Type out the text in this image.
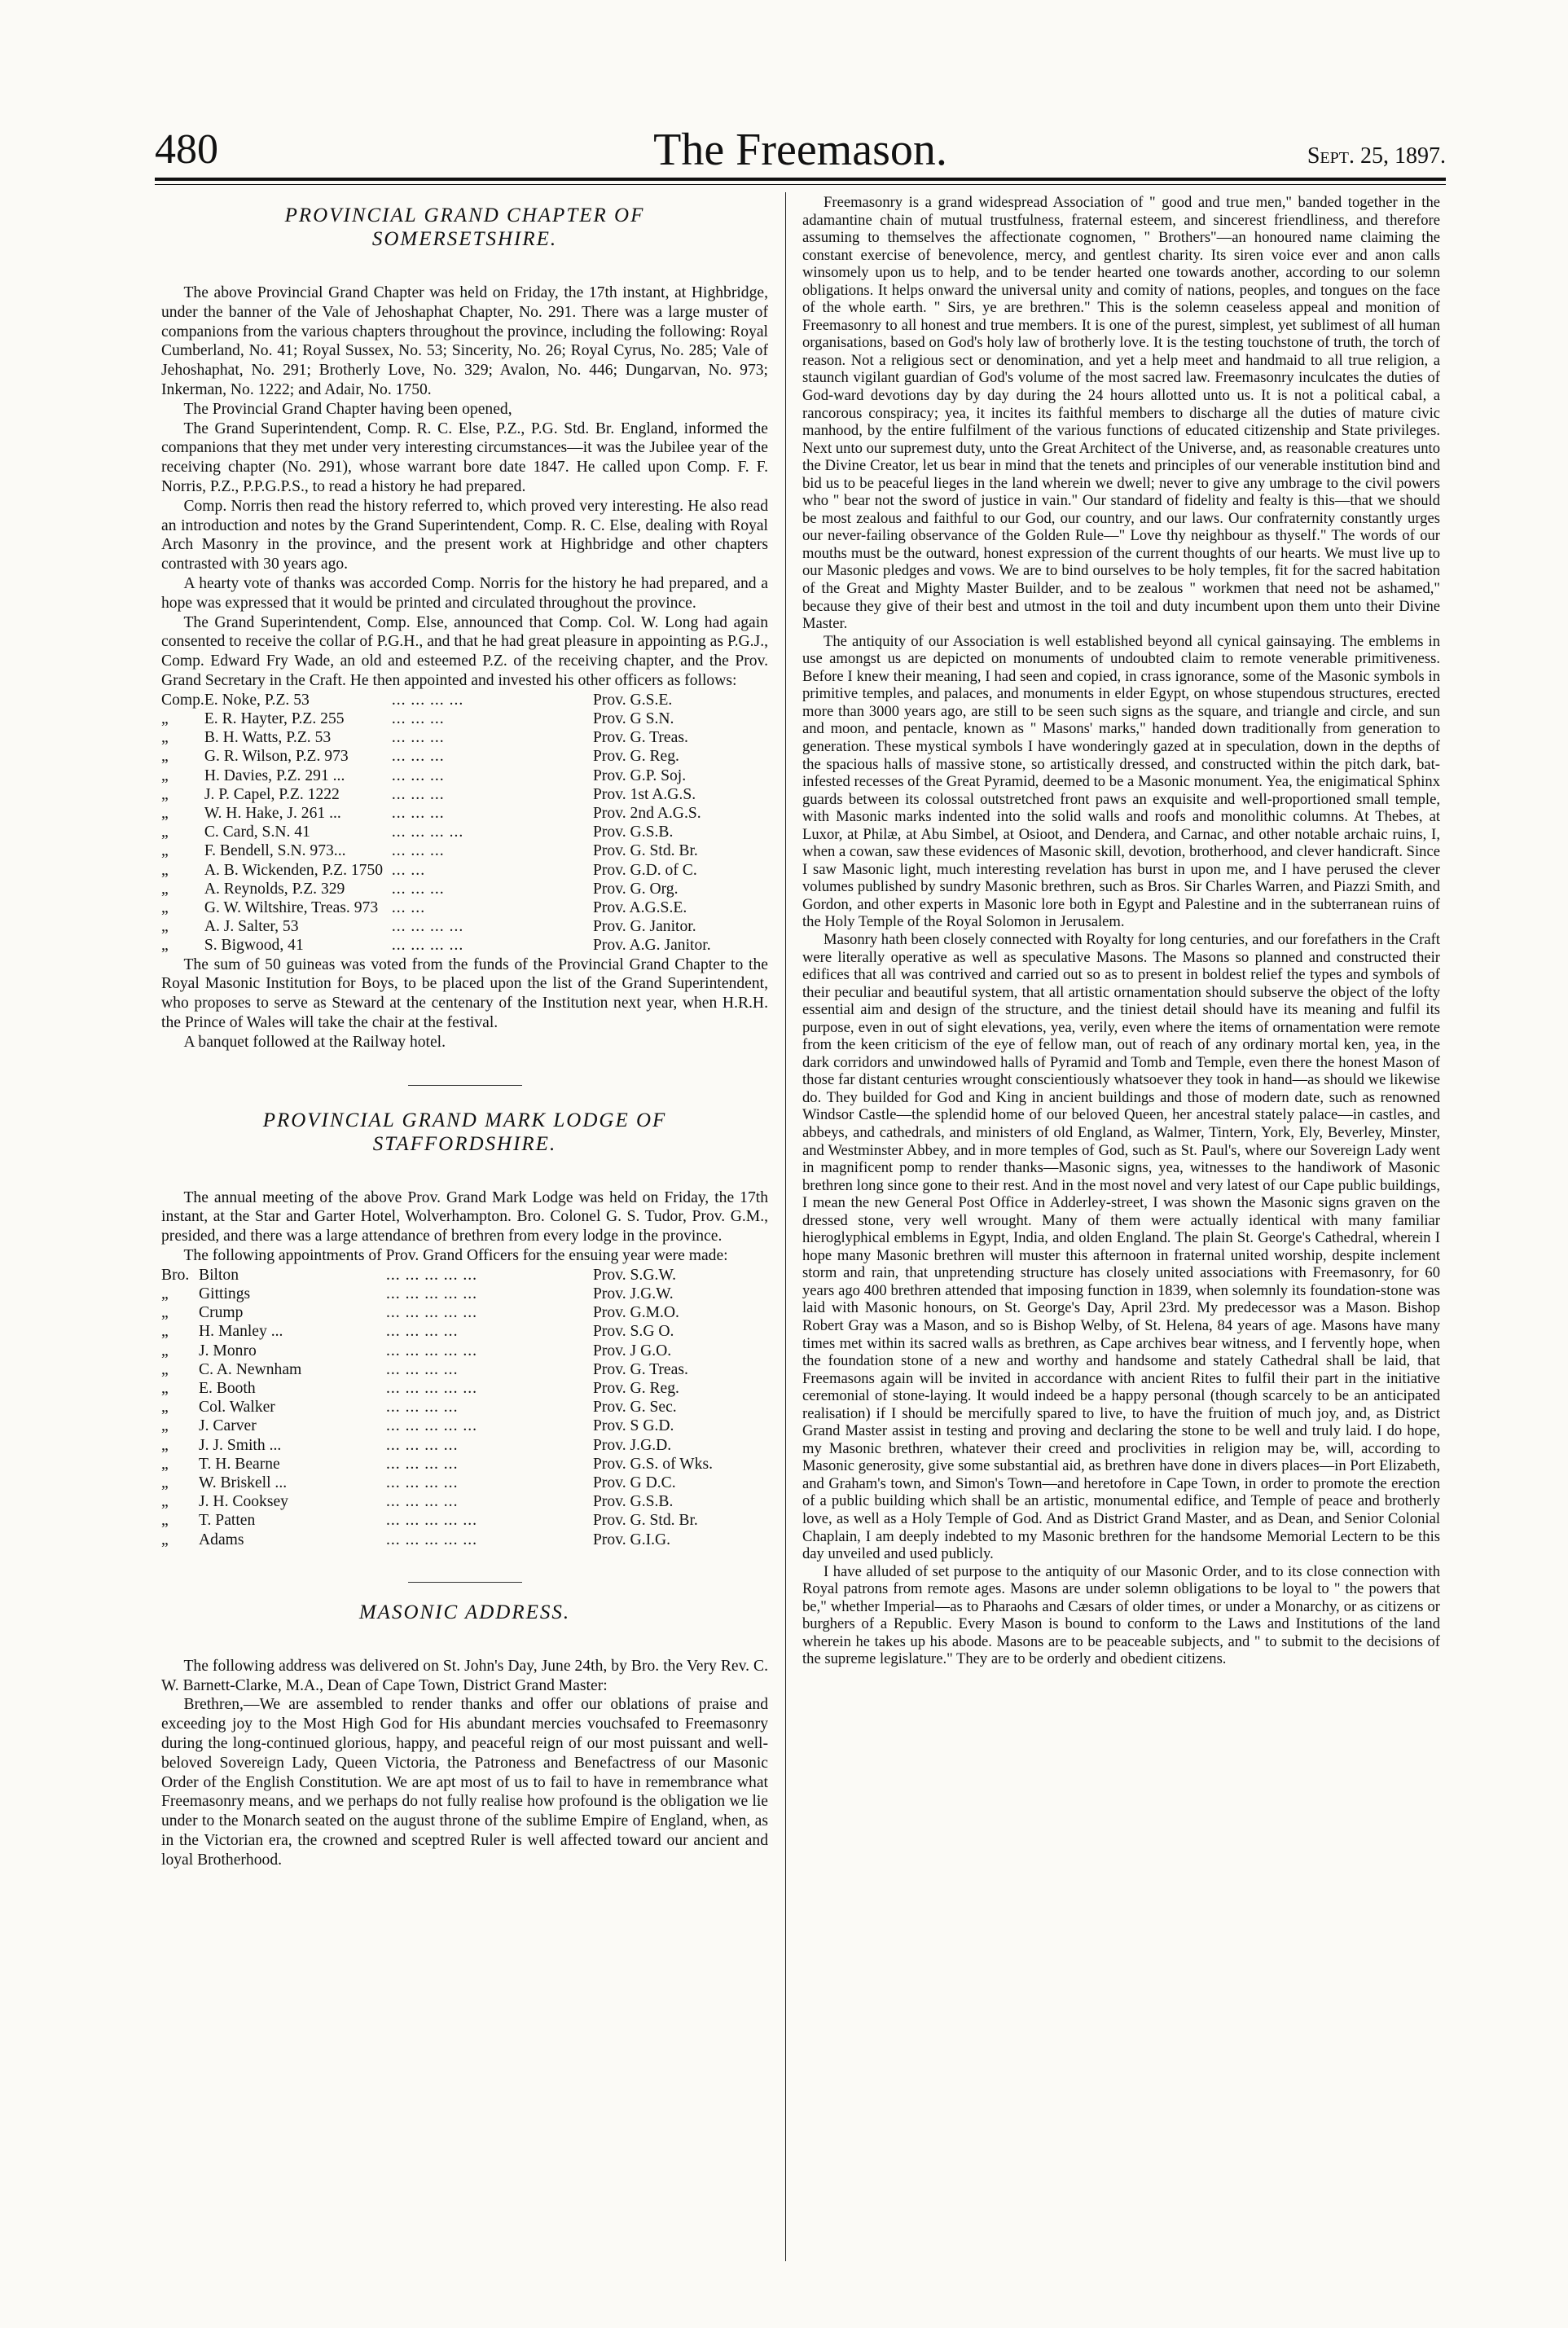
480	The Freemason.	Sept. 25, 1897.
PROVINCIAL GRAND CHAPTER OF SOMERSETSHIRE.

The above Provincial Grand Chapter was held on Friday, the 17th instant, at Highbridge, under the banner of the Vale of Jehoshaphat Chapter, No. 291. There was a large muster of companions from the various chapters throughout the province, including the following: Royal Cumberland, No. 41; Royal Sussex, No. 53; Sincerity, No. 26; Royal Cyrus, No. 285; Vale of Jehoshaphat, No. 291; Brotherly Love, No. 329; Avalon, No. 446; Dungarvan, No. 973; Inkerman, No. 1222; and Adair, No. 1750.

The Provincial Grand Chapter having been opened,

The Grand Superintendent, Comp. R. C. Else, P.Z., P.G. Std. Br. England, informed the companions that they met under very interesting circumstances—it was the Jubilee year of the receiving chapter (No. 291), whose warrant bore date 1847. He called upon Comp. F. F. Norris, P.Z., P.P.G.P.S., to read a history he had prepared.

Comp. Norris then read the history referred to, which proved very interesting. He also read an introduction and notes by the Grand Superintendent, Comp. R. C. Else, dealing with Royal Arch Masonry in the province, and the present work at Highbridge and other chapters contrasted with 30 years ago.

A hearty vote of thanks was accorded Comp. Norris for the history he had prepared, and a hope was expressed that it would be printed and circulated throughout the province.

The Grand Superintendent, Comp. Else, announced that Comp. Col. W. Long had again consented to receive the collar of P.G.H., and that he had great pleasure in appointing as P.G.J., Comp. Edward Fry Wade, an old and esteemed P.Z. of the receiving chapter, and the Prov. Grand Secretary in the Craft. He then appointed and invested his other officers as follows:

Comp.	E. Noke, P.Z. 53	... ... ... ...	Prov. G.S.E.
„	E. R. Hayter, P.Z. 255	... ... ...	Prov. G S.N.
„	B. H. Watts, P.Z. 53	... ... ...	Prov. G. Treas.
„	G. R. Wilson, P.Z. 973	... ... ...	Prov. G. Reg.
„	H. Davies, P.Z. 291 ...	... ... ...	Prov. G.P. Soj.
„	J. P. Capel, P.Z. 1222	... ... ...	Prov. 1st A.G.S.
„	W. H. Hake, J. 261 ...	... ... ...	Prov. 2nd A.G.S.
„	C. Card, S.N. 41	... ... ... ...	Prov. G.S.B.
„	F. Bendell, S.N. 973...	... ... ...	Prov. G. Std. Br.
„	A. B. Wickenden, P.Z. 1750	... ...	Prov. G.D. of C.
„	A. Reynolds, P.Z. 329	... ... ...	Prov. G. Org.
„	G. W. Wiltshire, Treas. 973	... ...	Prov. A.G.S.E.
„	A. J. Salter, 53	... ... ... ...	Prov. G. Janitor.
„	S. Bigwood, 41	... ... ... ...	Prov. A.G. Janitor.

The sum of 50 guineas was voted from the funds of the Provincial Grand Chapter to the Royal Masonic Institution for Boys, to be placed upon the list of the Grand Superintendent, who proposes to serve as Steward at the centenary of the Institution next year, when H.R.H. the Prince of Wales will take the chair at the festival.

A banquet followed at the Railway hotel.

PROVINCIAL GRAND MARK LODGE OF STAFFORDSHIRE.

The annual meeting of the above Prov. Grand Mark Lodge was held on Friday, the 17th instant, at the Star and Garter Hotel, Wolverhampton. Bro. Colonel G. S. Tudor, Prov. G.M., presided, and there was a large attendance of brethren from every lodge in the province.

The following appointments of Prov. Grand Officers for the ensuing year were made:

Bro.	Bilton	... ... ... ... ...	Prov. S.G.W.
„	Gittings	... ... ... ... ...	Prov. J.G.W.
„	Crump	... ... ... ... ...	Prov. G.M.O.
„	H. Manley ...	... ... ... ...	Prov. S.G O.
„	J. Monro	... ... ... ... ...	Prov. J G.O.
„	C. A. Newnham	... ... ... ...	Prov. G. Treas.
„	E. Booth	... ... ... ... ...	Prov. G. Reg.
„	Col. Walker	... ... ... ...	Prov. G. Sec.
„	J. Carver	... ... ... ... ...	Prov. S G.D.
„	J. J. Smith ...	... ... ... ...	Prov. J.G.D.
„	T. H. Bearne	... ... ... ...	Prov. G.S. of Wks.
„	W. Briskell ...	... ... ... ...	Prov. G D.C.
„	J. H. Cooksey	... ... ... ...	Prov. G.S.B.
„	T. Patten	... ... ... ... ...	Prov. G. Std. Br.
„	Adams	... ... ... ... ...	Prov. G.I.G.
MASONIC ADDRESS.

The following address was delivered on St. John's Day, June 24th, by Bro. the Very Rev. C. W. Barnett-Clarke, M.A., Dean of Cape Town, District Grand Master:

Brethren,—We are assembled to render thanks and offer our oblations of praise and exceeding joy to the Most High God for His abundant mercies vouchsafed to Freemasonry during the long-continued glorious, happy, and peaceful reign of our most puissant and well-beloved Sovereign Lady, Queen Victoria, the Patroness and Benefactress of our Masonic Order of the English Constitution. We are apt most of us to fail to have in remembrance what Freemasonry means, and we perhaps do not fully realise how profound is the obligation we lie under to the Monarch seated on the august throne of the sublime Empire of England, when, as in the Victorian era, the crowned and sceptred Ruler is well affected toward our ancient and loyal Brotherhood.

Freemasonry is a grand widespread Association of " good and true men," banded together in the adamantine chain of mutual trustfulness, fraternal esteem, and sincerest friendliness, and therefore assuming to themselves the affectionate cognomen, " Brothers"—an honoured name claiming the constant exercise of benevolence, mercy, and gentlest charity. Its siren voice ever and anon calls winsomely upon us to help, and to be tender hearted one towards another, according to our solemn obligations. It helps onward the universal unity and comity of nations, peoples, and tongues on the face of the whole earth. " Sirs, ye are brethren." This is the solemn ceaseless appeal and monition of Freemasonry to all honest and true members. It is one of the purest, simplest, yet sublimest of all human organisations, based on God's holy law of brotherly love. It is the testing touchstone of truth, the torch of reason. Not a religious sect or denomination, and yet a help meet and handmaid to all true religion, a staunch vigilant guardian of God's volume of the most sacred law. Freemasonry inculcates the duties of God-ward devotions day by day during the 24 hours allotted unto us. It is not a political cabal, a rancorous conspiracy; yea, it incites its faithful members to discharge all the duties of mature civic manhood, by the entire fulfilment of the various functions of educated citizenship and State privileges. Next unto our supremest duty, unto the Great Architect of the Universe, and, as reasonable creatures unto the Divine Creator, let us bear in mind that the tenets and principles of our venerable institution bind and bid us to be peaceful lieges in the land wherein we dwell; never to give any umbrage to the civil powers who " bear not the sword of justice in vain." Our standard of fidelity and fealty is this—that we should be most zealous and faithful to our God, our country, and our laws. Our confraternity constantly urges our never-failing observance of the Golden Rule—" Love thy neighbour as thyself." The words of our mouths must be the outward, honest expression of the current thoughts of our hearts. We must live up to our Masonic pledges and vows. We are to bind ourselves to be holy temples, fit for the sacred habitation of the Great and Mighty Master Builder, and to be zealous " workmen that need not be ashamed," because they give of their best and utmost in the toil and duty incumbent upon them unto their Divine Master.

The antiquity of our Association is well established beyond all cynical gainsaying. The emblems in use amongst us are depicted on monuments of undoubted claim to remote venerable primitiveness. Before I knew their meaning, I had seen and copied, in crass ignorance, some of the Masonic symbols in primitive temples, and palaces, and monuments in elder Egypt, on whose stupendous structures, erected more than 3000 years ago, are still to be seen such signs as the square, and triangle and circle, and sun and moon, and pentacle, known as " Masons' marks," handed down traditionally from generation to generation. These mystical symbols I have wonderingly gazed at in speculation, down in the depths of the spacious halls of massive stone, so artistically dressed, and constructed within the pitch dark, bat-infested recesses of the Great Pyramid, deemed to be a Masonic monument. Yea, the enigimatical Sphinx guards between its colossal outstretched front paws an exquisite and well-proportioned small temple, with Masonic marks indented into the solid walls and roofs and monolithic columns. At Thebes, at Luxor, at Philæ, at Abu Simbel, at Osioot, and Dendera, and Carnac, and other notable archaic ruins, I, when a cowan, saw these evidences of Masonic skill, devotion, brotherhood, and clever handicraft. Since I saw Masonic light, much interesting revelation has burst in upon me, and I have perused the clever volumes published by sundry Masonic brethren, such as Bros. Sir Charles Warren, and Piazzi Smith, and Gordon, and other experts in Masonic lore both in Egypt and Palestine and in the subterranean ruins of the Holy Temple of the Royal Solomon in Jerusalem.

Masonry hath been closely connected with Royalty for long centuries, and our forefathers in the Craft were literally operative as well as speculative Masons. The Masons so planned and constructed their edifices that all was contrived and carried out so as to present in boldest relief the types and symbols of their peculiar and beautiful system, that all artistic ornamentation should subserve the object of the lofty essential aim and design of the structure, and the tiniest detail should have its meaning and fulfil its purpose, even in out of sight elevations, yea, verily, even where the items of ornamentation were remote from the keen criticism of the eye of fellow man, out of reach of any ordinary mortal ken, yea, in the dark corridors and unwindowed halls of Pyramid and Tomb and Temple, even there the honest Mason of those far distant centuries wrought conscientiously whatsoever they took in hand—as should we likewise do. They builded for God and King in ancient buildings and those of modern date, such as renowned Windsor Castle—the splendid home of our beloved Queen, her ancestral stately palace—in castles, and abbeys, and cathedrals, and ministers of old England, as Walmer, Tintern, York, Ely, Beverley, Minster, and Westminster Abbey, and in more temples of God, such as St. Paul's, where our Sovereign Lady went in magnificent pomp to render thanks—Masonic signs, yea, witnesses to the handiwork of Masonic brethren long since gone to their rest. And in the most novel and very latest of our Cape public buildings, I mean the new General Post Office in Adderley-street, I was shown the Masonic signs graven on the dressed stone, very well wrought. Many of them were actually identical with many familiar hieroglyphical emblems in Egypt, India, and olden England. The plain St. George's Cathedral, wherein I hope many Masonic brethren will muster this afternoon in fraternal united worship, despite inclement storm and rain, that unpretending structure has closely united associations with Freemasonry, for 60 years ago 400 brethren attended that imposing function in 1839, when solemnly its foundation-stone was laid with Masonic honours, on St. George's Day, April 23rd. My predecessor was a Mason. Bishop Robert Gray was a Mason, and so is Bishop Welby, of St. Helena, 84 years of age. Masons have many times met within its sacred walls as brethren, as Cape archives bear witness, and I fervently hope, when the foundation stone of a new and worthy and handsome and stately Cathedral shall be laid, that Freemasons again will be invited in accordance with ancient Rites to fulfil their part in the initiative ceremonial of stone-laying. It would indeed be a happy personal (though scarcely to be an anticipated realisation) if I should be mercifully spared to live, to have the fruition of much joy, and, as District Grand Master assist in testing and proving and declaring the stone to be well and truly laid. I do hope, my Masonic brethren, whatever their creed and proclivities in religion may be, will, according to Masonic generosity, give some substantial aid, as brethren have done in divers places—in Port Elizabeth, and Graham's town, and Simon's Town—and heretofore in Cape Town, in order to promote the erection of a public building which shall be an artistic, monumental edifice, and Temple of peace and brotherly love, as well as a Holy Temple of God. And as District Grand Master, and as Dean, and Senior Colonial Chaplain, I am deeply indebted to my Masonic brethren for the handsome Memorial Lectern to be this day unveiled and used publicly.

I have alluded of set purpose to the antiquity of our Masonic Order, and to its close connection with Royal patrons from remote ages. Masons are under solemn obligations to be loyal to " the powers that be," whether Imperial—as to Pharaohs and Cæsars of older times, or under a Monarchy, or as citizens or burghers of a Republic. Every Mason is bound to conform to the Laws and Institutions of the land wherein he takes up his abode. Masons are to be peaceable subjects, and " to submit to the decisions of the supreme legislature." They are to be orderly and obedient citizens.
